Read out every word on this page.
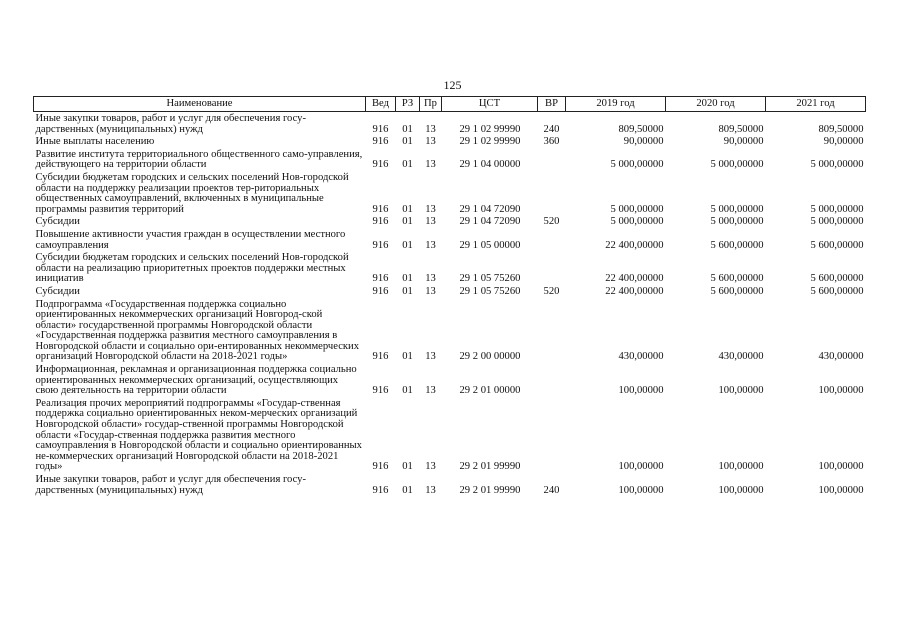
125
Наименование	Вед	РЗ	Пр	ЦСТ	ВР	2019 год	2020 год	2021 год
Иные закупки товаров, работ и услуг для обеспечения госу-дарственных (муниципальных) нужд	916	01	13	29 1 02 99990	240	809,50000	809,50000	809,50000
Иные выплаты населению	916	01	13	29 1 02 99990	360	90,00000	90,00000	90,00000
Развитие института территориального общественного само-управления, действующего на территории области	916	01	13	29 1 04 00000		5 000,00000	5 000,00000	5 000,00000
Субсидии бюджетам городских и сельских поселений Нов-городской области на поддержку реализации проектов тер-риториальных общественных самоуправлений, включенных в муниципальные программы развития территорий	916	01	13	29 1 04 72090		5 000,00000	5 000,00000	5 000,00000
Субсидии	916	01	13	29 1 04 72090	520	5 000,00000	5 000,00000	5 000,00000
Повышение активности участия граждан в осуществлении местного самоуправления	916	01	13	29 1 05 00000		22 400,00000	5 600,00000	5 600,00000
Субсидии бюджетам городских и сельских поселений Нов-городской области на реализацию приоритетных проектов поддержки местных инициатив	916	01	13	29 1 05 75260		22 400,00000	5 600,00000	5 600,00000
Субсидии	916	01	13	29 1 05 75260	520	22 400,00000	5 600,00000	5 600,00000
Подпрограмма «Государственная поддержка социально ориентированных некоммерческих организаций Новгород-ской области» государственной программы Новгородской области «Государственная поддержка развития местного самоуправления в Новгородской области и социально ори-ентированных некоммерческих организаций Новгородской области на 2018-2021 годы»	916	01	13	29 2 00 00000		430,00000	430,00000	430,00000
Информационная, рекламная и организационная поддержка социально ориентированных некоммерческих организаций, осуществляющих свою деятельность на территории области	916	01	13	29 2 01 00000		100,00000	100,00000	100,00000
Реализация прочих мероприятий подпрограммы «Государ-ственная поддержка социально ориентированных неком-мерческих организаций Новгородской области» государ-ственной программы Новгородской области «Государ-ственная поддержка развития местного самоуправления в Новгородской области и социально ориентированных не-коммерческих организаций Новгородской области на 2018-2021 годы»	916	01	13	29 2 01 99990		100,00000	100,00000	100,00000
Иные закупки товаров, работ и услуг для обеспечения госу-дарственных (муниципальных) нужд	916	01	13	29 2 01 99990	240	100,00000	100,00000	100,00000
